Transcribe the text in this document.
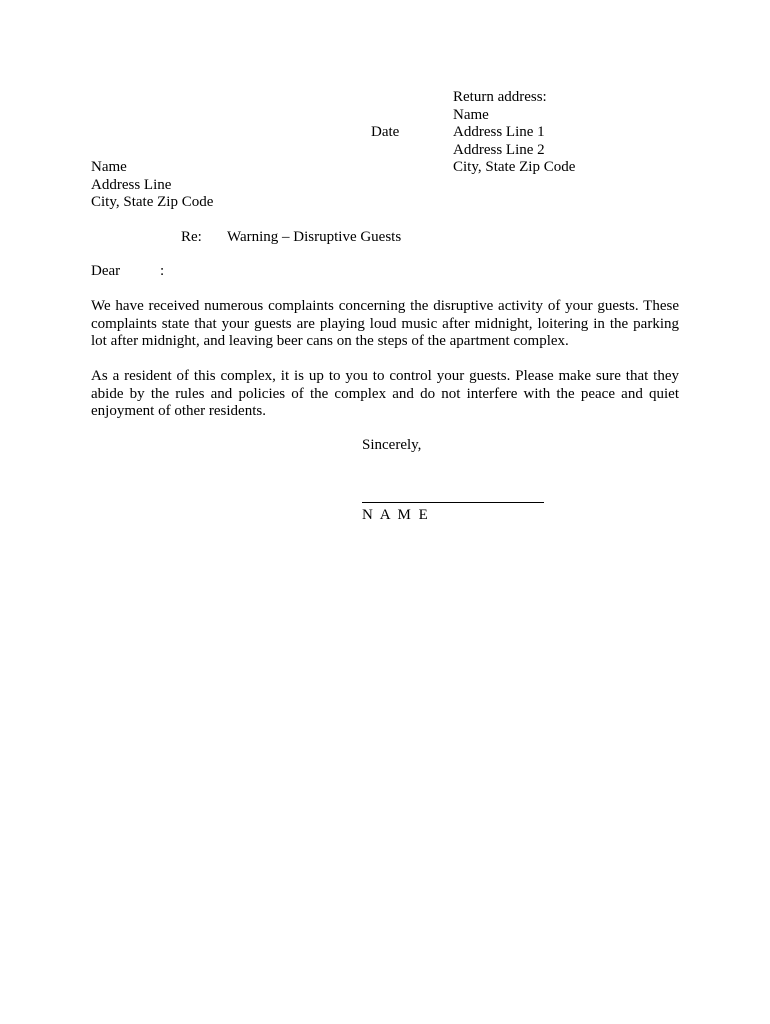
Return address:
Name
Address Line 1
Address Line 2
City, State Zip Code
Date
Name
Address Line
City, State Zip Code
Re: Warning – Disruptive Guests
Dear	:
We have received numerous complaints concerning the disruptive activity of your guests. These complaints state that your guests are playing loud music after midnight, loitering in the parking lot after midnight, and leaving beer cans on the steps of the apartment complex.
As a resident of this complex, it is up to you to control your guests. Please make sure that they abide by the rules and policies of the complex and do not interfere with the peace and quiet enjoyment of other residents.
Sincerely,
N A M E
